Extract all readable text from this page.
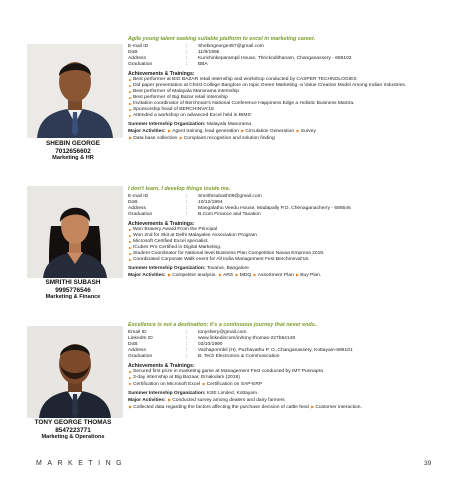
SHEBIN GEORGE
7012656602
Marketing & HR
Agile young talent seeking suitable platform to excel in marketing career.
E-mail ID	:	Shebingeorge457@gmail.com
DoB	:	11/9/1995
Address	:	Kurichinkeparampil House, Thrickodithanam, Changanassery - 686102
Graduation	:	BBA
Achievements & Trainings:
Best performer at BIG BAZAR retail internship and workshop conducted by CASPER TECHNOLOGIES
Did paper presentation at Christ College Banglore on topic Green Marketing -a Value Creation Model Among Indian Industries.
Best performer of Malayala Manorama internship
Best performer of Big Bazar retail internship
Invitation coordinator of Berchman's National Conference Happiness Edge a Holistic Business Mantra.
Sponsorship head of BERCHINVA'18
Attended a workshop on advanced Excel held in BIMS'
Summer Internship Organization: Malayala Manorama
Major Activities: ▶Agent training, lead generation ▶Circulation Generation ▶Survey
▶Data base collection ▶Complaint recognition and solution finding
SMRITHI SUBASH
9995776546
Marketing & Finance
I don't learn, I develop things inside me.
E-mail ID	:	Smrithisubash09@gmail.com
DoB	:	10/12/1994
Address	:	Mangalathu Veedu House, Madapally P.O, Chenaganacherry - 686546
Graduation	:	B.Com Finance and Taxation
Achievements & Trainings:
Won Bravery Award From the Principal
Won 2nd for Skit at Delhi Malayalee Association Program
Microsoft Certified Excel specialist.
ICubes Pro Certified in Digital Marketing.
Student Coordinator for National level Business Plan Competition Navaa Empresa 2018.
Coordinated Corporate Walk event for All India Management Fest Berchmnval'18.
Summer Internship Organization: Tovarus, Bangalore
Major Activities: ▶Competitor analysis. ▶ARS ▶MDQ ▶Assortment Plan ▶Buy Plan.
TONY GEORGE THOMAS
8547223771
Marketing & Operations
Excellence is not a destination; it's a continuous journey that never ends..
Email ID	:	tonyshery@gmail.com
LinkedIn ID	:	www.linkedincom/in/tony-thomas-227b64148
DoB	:	03/10/1990
Address	:	Vazhapormbil (H), Puzhavathu P. O.,Changanassery, Kottayam-686101
Graduation	:	B. Tech Electronics & Communication
Achievements & Trainings:
Secured first prize in marketing game at Management Fest conducted by IMT Punnapra
3-day internship at Big Bazaar, Ernakulam (2018)
Certification on Microsoft Excel ▶Certification on SAP-ERP
Summer Internship Organization: KSE Limited, Kottayam.
Major Activities: ▶Conducted survey among dealers and dairy farmers
▶Collected data regarding the factors affecting the purchase decision of cattle feed ▶Customer interaction.
MARKETING	39
